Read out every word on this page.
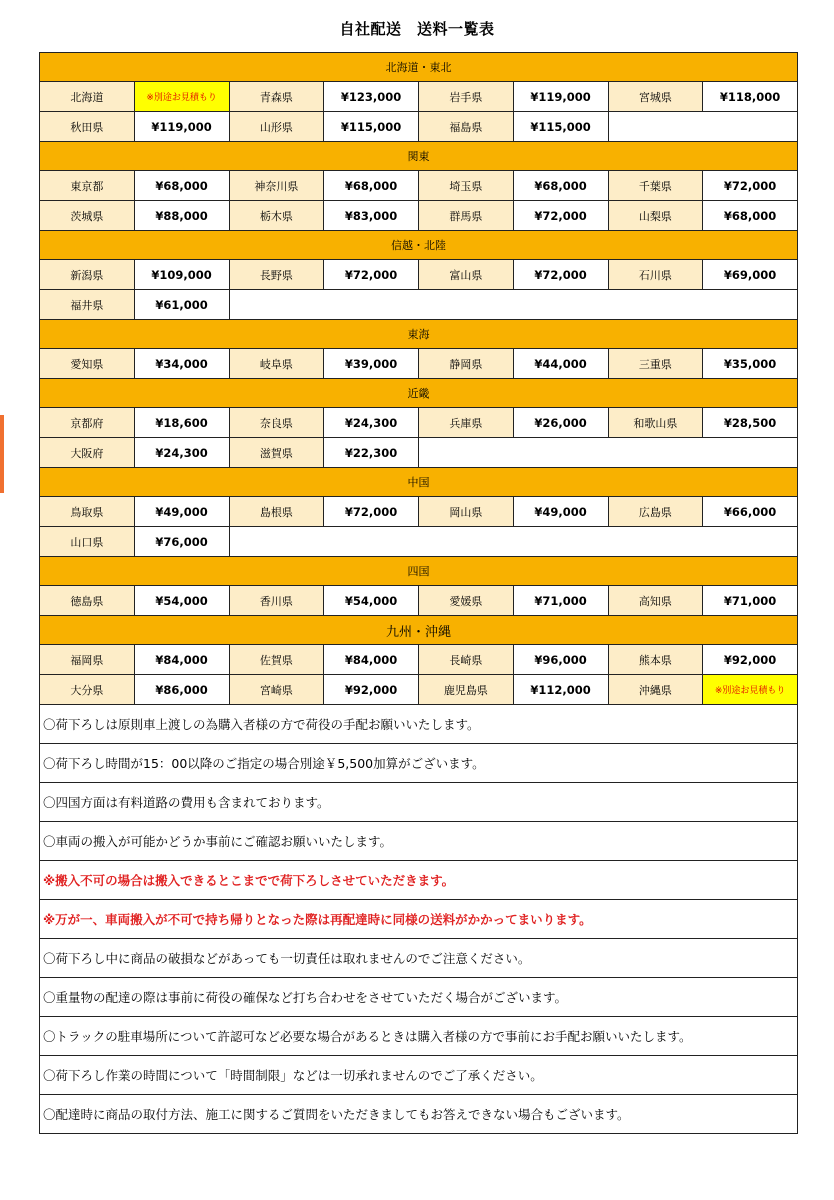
自社配送　送料一覧表
北海道・東北							
北海道	※別途お見積もり	青森県	¥123,000	岩手県	¥119,000	宮城県	¥118,000
秋田県	¥119,000	山形県	¥115,000	福島県	¥115,000		
関東							
東京都	¥68,000	神奈川県	¥68,000	埼玉県	¥68,000	千葉県	¥72,000
茨城県	¥88,000	栃木県	¥83,000	群馬県	¥72,000	山梨県	¥68,000
信越・北陸							
新潟県	¥109,000	長野県	¥72,000	富山県	¥72,000	石川県	¥69,000
福井県	¥61,000						
東海							
愛知県	¥34,000	岐阜県	¥39,000	静岡県	¥44,000	三重県	¥35,000
近畿							
京都府	¥18,600	奈良県	¥24,300	兵庫県	¥26,000	和歌山県	¥28,500
大阪府	¥24,300	滋賀県	¥22,300				
中国							
鳥取県	¥49,000	島根県	¥72,000	岡山県	¥49,000	広島県	¥66,000
山口県	¥76,000						
四国							
徳島県	¥54,000	香川県	¥54,000	愛媛県	¥71,000	高知県	¥71,000
九州・沖縄							
福岡県	¥84,000	佐賀県	¥84,000	長崎県	¥96,000	熊本県	¥92,000
大分県	¥86,000	宮崎県	¥92,000	鹿児島県	¥112,000	沖縄県	※別途お見積もり
〇荷下ろしは原則車上渡しの為購入者様の方で荷役の手配お願いいたします。							
〇荷下ろし時間が15：00以降のご指定の場合別途￥5,500加算がございます。							
〇四国方面は有料道路の費用も含まれております。							
〇車両の搬入が可能かどうか事前にご確認お願いいたします。							
※搬入不可の場合は搬入できるとこまでで荷下ろしさせていただきます。							
※万が一、車両搬入が不可で持ち帰りとなった際は再配達時に同様の送料がかかってまいります。							
〇荷下ろし中に商品の破損などがあっても一切責任は取れませんのでご注意ください。							
〇重量物の配達の際は事前に荷役の確保など打ち合わせをさせていただく場合がございます。							
〇トラックの駐車場所について許認可など必要な場合があるときは購入者様の方で事前にお手配お願いいたします。							
〇荷下ろし作業の時間について「時間制限」などは一切承れませんのでご了承ください。							
〇配達時に商品の取付方法、施工に関するご質問をいただきましてもお答えできない場合もございます。							
